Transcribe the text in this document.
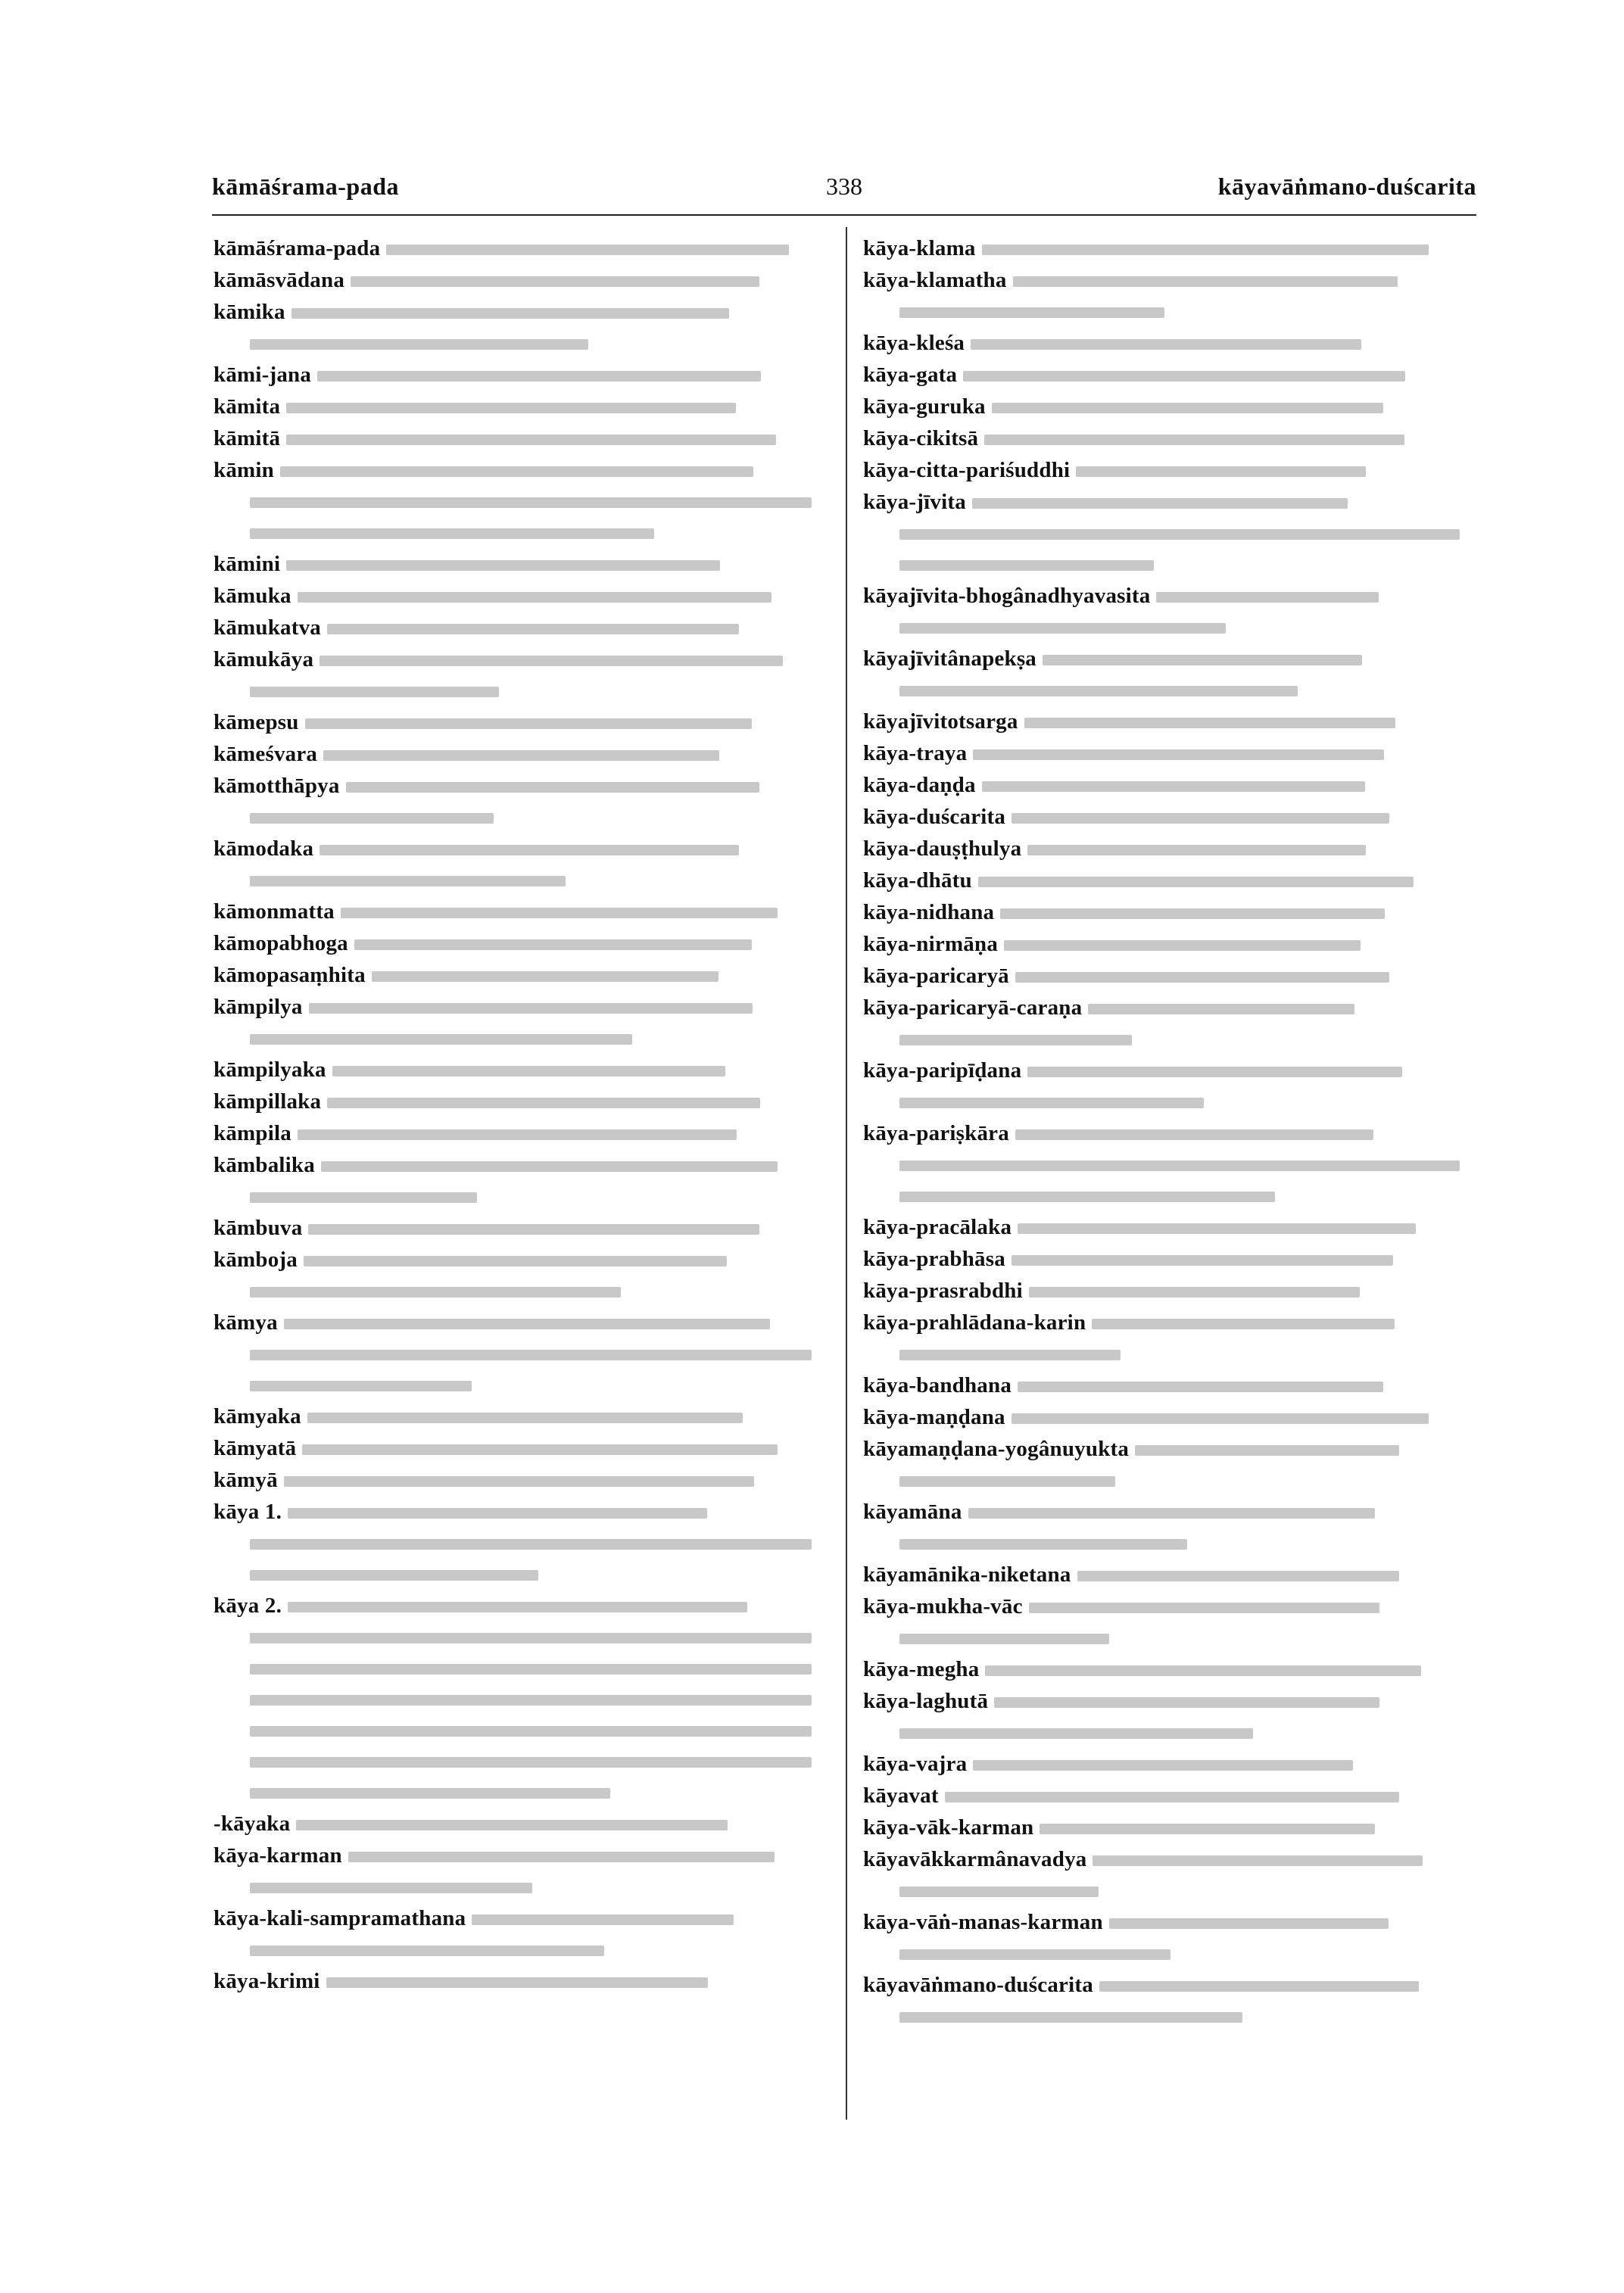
kāmāśrama-pada	338	kāyavāṅmano-duścarita
kāmāśrama-pada
kāmāsvādana
kāmika

kāmi-jana
kāmita
kāmitā
kāmin

kāmini
kāmuka
kāmukatva
kāmukāya

kāmepsu
kāmeśvara
kāmotthāpya

kāmodaka

kāmonmatta
kāmopabhoga
kāmopasaṃhita
kāmpilya

kāmpilyaka
kāmpillaka
kāmpila
kāmbalika

kāmbuva
kāmboja

kāmya

kāmyaka
kāmyatā
kāmyā
kāya 1.

kāya 2.

-kāyaka
kāya-karman

kāya-kali-sampramathana

kāya-krimi
kāya-klama
kāya-klamatha

kāya-kleśa
kāya-gata
kāya-guruka
kāya-cikitsā
kāya-citta-pariśuddhi
kāya-jīvita

kāyajīvita-bhogânadhyavasita

kāyajīvitânapekṣa

kāyajīvitotsarga
kāya-traya
kāya-daṇḍa
kāya-duścarita
kāya-dauṣṭhulya
kāya-dhātu
kāya-nidhana
kāya-nirmāṇa
kāya-paricaryā
kāya-paricaryā-caraṇa

kāya-paripīḍana

kāya-pariṣkāra

kāya-pracālaka
kāya-prabhāsa
kāya-prasrabdhi
kāya-prahlādana-karin

kāya-bandhana
kāya-maṇḍana
kāyamaṇḍana-yogânuyukta

kāyamāna

kāyamānika-niketana
kāya-mukha-vāc

kāya-megha
kāya-laghutā

kāya-vajra
kāyavat
kāya-vāk-karman
kāyavākkarmânavadya

kāya-vāṅ-manas-karman

kāyavāṅmano-duścarita
